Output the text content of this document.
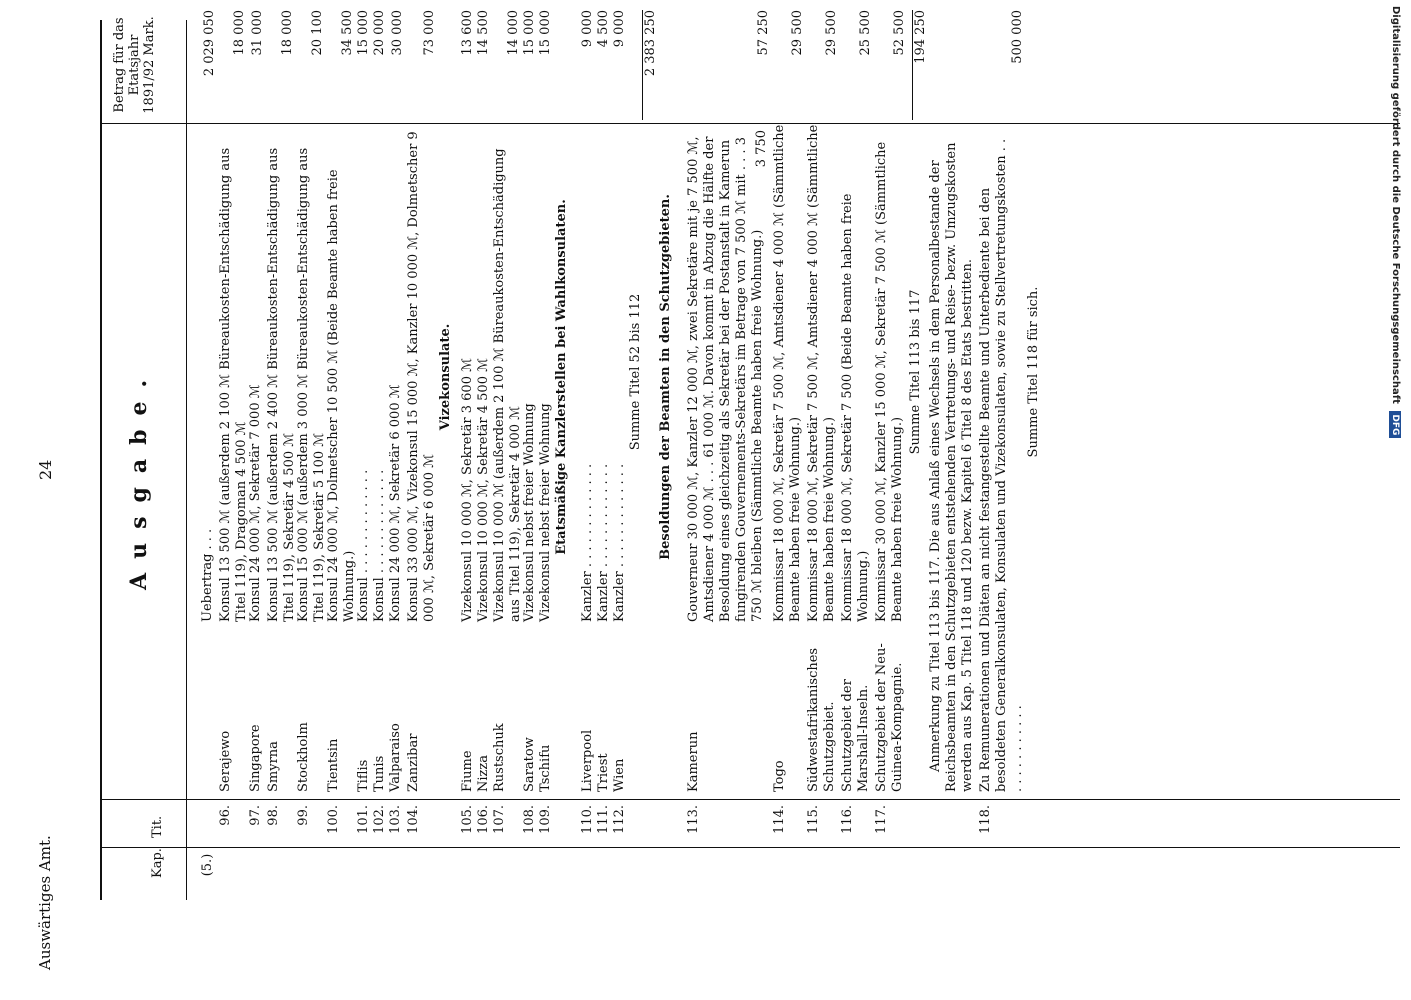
Auswärtiges Amt.
24	Ausgabe.
Kap.
Tit.
Betrag für das Etatsjahr 1891/92 Mark.
(5.)
Uebertrag . . .
2 029 050
96.
Serajewo
Konsul 13 500 ℳ (außerdem 2 100 ℳ Büreaukosten-Entschädigung aus Titel 119), Dragoman 4 500 ℳ
18 000
97.
Singapore
Konsul 24 000 ℳ, Sekretär 7 000 ℳ
31 000
98.
Smyrna
Konsul 13 500 ℳ (außerdem 2 400 ℳ Büreaukosten-Entschädigung aus Titel 119), Sekretär 4 500 ℳ
18 000
99.
Stockholm
Konsul 15 000 ℳ (außerdem 3 000 ℳ Büreaukosten-Entschädigung aus Titel 119), Sekretär 5 100 ℳ
20 100
100.
Tientsin
Konsul 24 000 ℳ, Dolmetscher 10 500 ℳ (Beide Beamte haben freie Wohnung.)
34 500
101.
Tiflis
Konsul . . . . . . . . . . . . .
15 000
102.
Tunis
Konsul . . . . . . . . . . . . .
20 000
103.
Valparaiso
Konsul 24 000 ℳ, Sekretär 6 000 ℳ
30 000
104.
Zanzibar
Konsul 33 000 ℳ, Vizekonsul 15 000 ℳ, Kanzler 10 000 ℳ, Dolmetscher 9 000 ℳ, Sekretär 6 000 ℳ
73 000
Vizekonsulate.
105.
Fiume
Vizekonsul 10 000 ℳ, Sekretär 3 600 ℳ
13 600
106.
Nizza
Vizekonsul 10 000 ℳ, Sekretär 4 500 ℳ
14 500
107.
Rustschuk
Vizekonsul 10 000 ℳ (außerdem 2 100 ℳ Büreaukosten-Entschädigung aus Titel 119), Sekretär 4 000 ℳ
14 000
108.
Saratow
Vizekonsul nebst freier Wohnung
15 000
109.
Tschifu
Vizekonsul nebst freier Wohnung
15 000
Etatsmäßige Kanzlerstellen bei Wahlkonsulaten.
110.
Liverpool
Kanzler . . . . . . . . . . . . .
9 000
111.
Triest
Kanzler . . . . . . . . . . . . .
4 500
112.
Wien
Kanzler . . . . . . . . . . . . .
9 000
Summe Titel 52 bis 112
2 383 250
Besoldungen der Beamten in den Schutzgebieten.
113.
Kamerun
Gouverneur 30 000 ℳ, Kanzler 12 000 ℳ, zwei Sekretäre mit je 7 500 ℳ, Amtsdiener 4 000 ℳ . . . 61 000 ℳ. Davon kommt in Abzug die Hälfte der Besoldung eines gleichzeitig als Sekretär bei der Postanstalt in Kamerun fungirenden Gouvernements-Sekretärs im Betrage von 7 500 ℳ mit . . . 3 750 ℳ bleiben (Sämmtliche Beamte haben freie Wohnung.)
3 750
57 250
114.
Togo
Kommissar 18 000 ℳ, Sekretär 7 500 ℳ, Amtsdiener 4 000 ℳ (Sämmtliche Beamte haben freie Wohnung.)
29 500
115.
Südwestafrikanisches Schutzgebiet.
Kommissar 18 000 ℳ, Sekretär 7 500 ℳ, Amtsdiener 4 000 ℳ (Sämmtliche Beamte haben freie Wohnung.)
29 500
116.
Schutzgebiet der Marshall-Inseln.
Kommissar 18 000 ℳ, Sekretär 7 500 (Beide Beamte haben freie Wohnung.)
25 500
117.
Schutzgebiet der Neu-Guinea-Kompagnie.
Kommissar 30 000 ℳ, Kanzler 15 000 ℳ, Sekretär 7 500 ℳ (Sämmtliche Beamte haben freie Wohnung.)
52 500
Summe Titel 113 bis 117
194 250
Anmerkung zu Titel 113 bis 117. Die aus Anlaß eines Wechsels in dem Personalbestande der Reichsbeamten in den Schutzgebieten entstehenden Vertretungs- und Reise- bezw. Umzugskosten werden aus Kap. 5 Titel 118 und 120 bezw. Kapitel 6 Titel 8 des Etats bestritten.
118.
Zu Remunerationen und Diäten an nicht festangestellte Beamte und Unterbediente bei den besoldeten Generalkonsulaten, Konsulaten und Vizekonsulaten, sowie zu Stellvertretungskosten . . . . . . . . . . . . .
500 000
Summe Titel 118 für sich.	Digitalisierung gefördert durch die Deutsche Forschungsgemeinschaft DFG
